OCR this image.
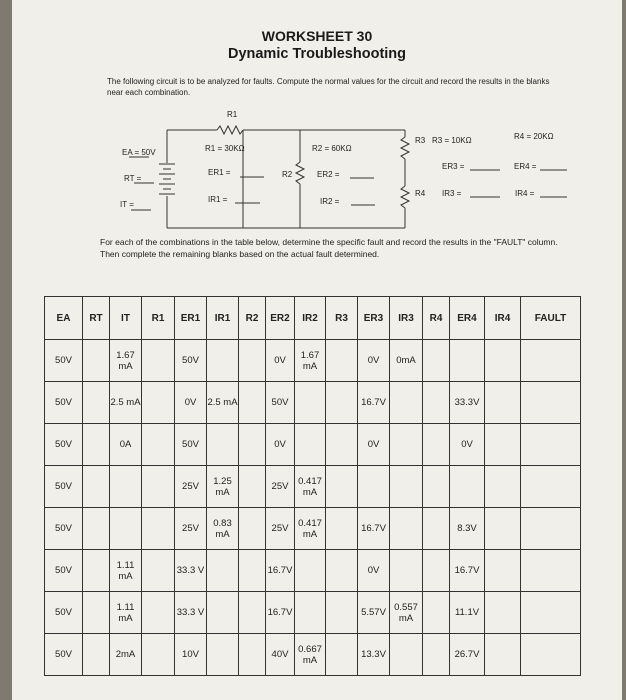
WORKSHEET 30
Dynamic Troubleshooting
The following circuit is to be analyzed for faults. Compute the normal values for the circuit and record the results in the blanks near each combination.
R1
EA = 50V
RT =
IT =
R1 = 30KΩ
ER1 =
IR1 =
R2 = 60KΩ
R2	ER2 =
IR2 =
R3 R3 = 10KΩ
ER3 =
R4 IR3 =
R4 = 20KΩ
ER4 =
IR4 =
For each of the combinations in the table below, determine the specific fault and record the results in the "FAULT" column. Then complete the remaining blanks based on the actual fault determined.
EA	RT	IT	R1	ER1	IR1	R2	ER2	IR2	R3	ER3	IR3	R4	ER4	IR4	FAULT
50V		1.67 mA		50V			0V	1.67 mA		0V	0mA				
50V		2.5 mA		0V	2.5 mA		50V			16.7V			33.3V		
50V		0A		50V			0V			0V			0V		
50V				25V	1.25 mA		25V	0.417 mA							
50V				25V	0.83 mA		25V	0.417 mA		16.7V			8.3V		
50V		1.11 mA		33.3 V			16.7V			0V			16.7V		
50V		1.11 mA		33.3 V			16.7V			5.57V	0.557 mA		11.1V		
50V		2mA		10V			40V	0.667 mA		13.3V			26.7V		
